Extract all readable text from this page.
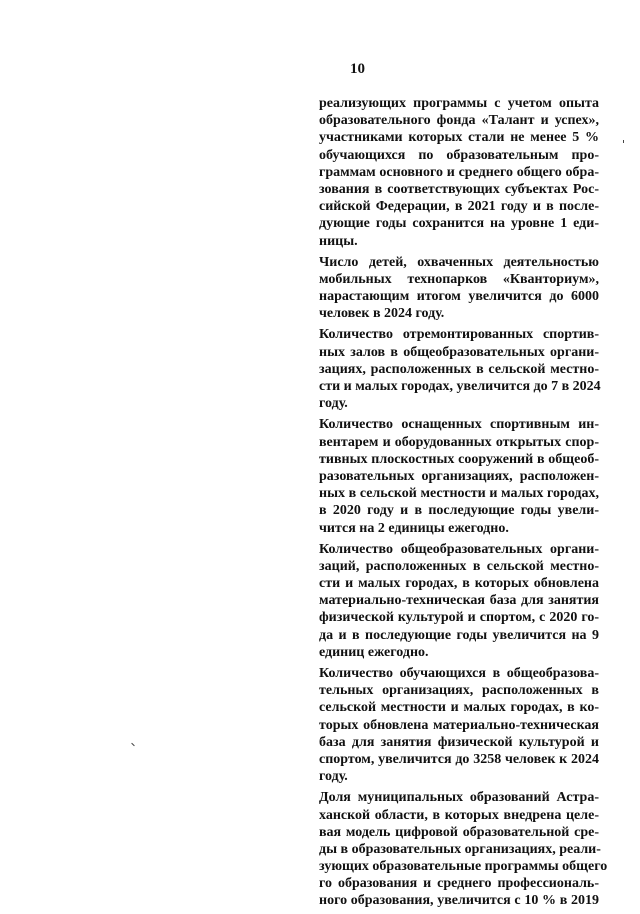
10
реализующих программы с учетом опыта
образовательного фонда «Талант и успех»,
участниками которых стали не менее 5 %
обучающихся по образовательным про-
граммам основного и среднего общего обра-
зования в соответствующих субъектах Рос-
сийской Федерации, в 2021 году и в после-
дующие годы сохранится на уровне 1 еди-
ницы.
Число детей, охваченных деятельностью
мобильных технопарков «Кванториум»,
нарастающим итогом увеличится до 6000
человек в 2024 году.
Количество отремонтированных спортив-
ных залов в общеобразовательных органи-
зациях, расположенных в сельской местно-
сти и малых городах, увеличится до 7 в 2024
году.
Количество оснащенных спортивным ин-
вентарем и оборудованных открытых спор-
тивных плоскостных сооружений в общеоб-
разовательных организациях, расположен-
ных в сельской местности и малых городах,
в 2020 году и в последующие годы увели-
чится на 2 единицы ежегодно.
Количество общеобразовательных органи-
заций, расположенных в сельской местно-
сти и малых городах, в которых обновлена
материально-техническая база для занятия
физической культурой и спортом, с 2020 го-
да и в последующие годы увеличится на 9
единиц ежегодно.
Количество обучающихся в общеобразова-
тельных организациях, расположенных в
сельской местности и малых городах, в ко-
торых обновлена материально-техническая
база для занятия физической культурой и
спортом, увеличится до 3258 человек к 2024
году.
Доля муниципальных образований Астра-
ханской области, в которых внедрена целе-
вая модель цифровой образовательной сре-
ды в образовательных организациях, реали-
зующих образовательные программы общего
го образования и среднего профессиональ-
ного образования, увеличится с 10 % в 2019
